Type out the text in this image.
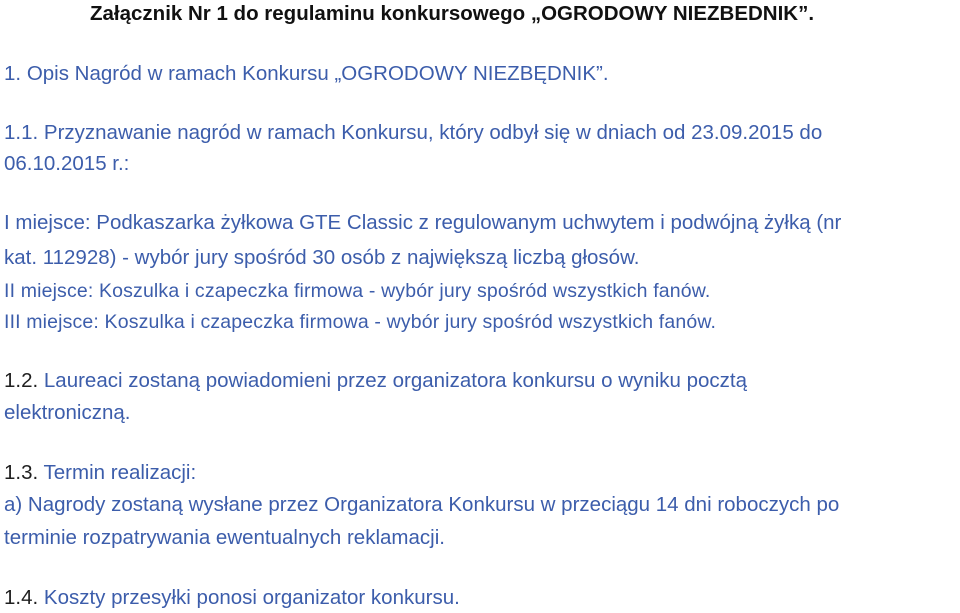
Załącznik Nr 1 do regulaminu konkursowego „OGRODOWY NIEZBEDNIK”.
1. Opis Nagród w ramach Konkursu „OGRODOWY NIEZBĘDNIK”.
1.1. Przyznawanie nagród w ramach Konkursu, który odbył się w dniach od 23.09.2015 do
06.10.2015 r.:
I miejsce: Podkaszarka żyłkowa GTE Classic z regulowanym uchwytem i podwójną żyłką (nr
kat. 112928) - wybór jury spośród 30 osób z największą liczbą głosów.
II miejsce: Koszulka i czapeczka firmowa - wybór jury spośród wszystkich fanów.
III miejsce: Koszulka i czapeczka firmowa - wybór jury spośród wszystkich fanów.
1.2. Laureaci zostaną powiadomieni przez organizatora konkursu o wyniku pocztą
elektroniczną.
1.3. Termin realizacji:
a) Nagrody zostaną wysłane przez Organizatora Konkursu w przeciągu 14 dni roboczych po
terminie rozpatrywania ewentualnych reklamacji.
1.4. Koszty przesyłki ponosi organizator konkursu.
